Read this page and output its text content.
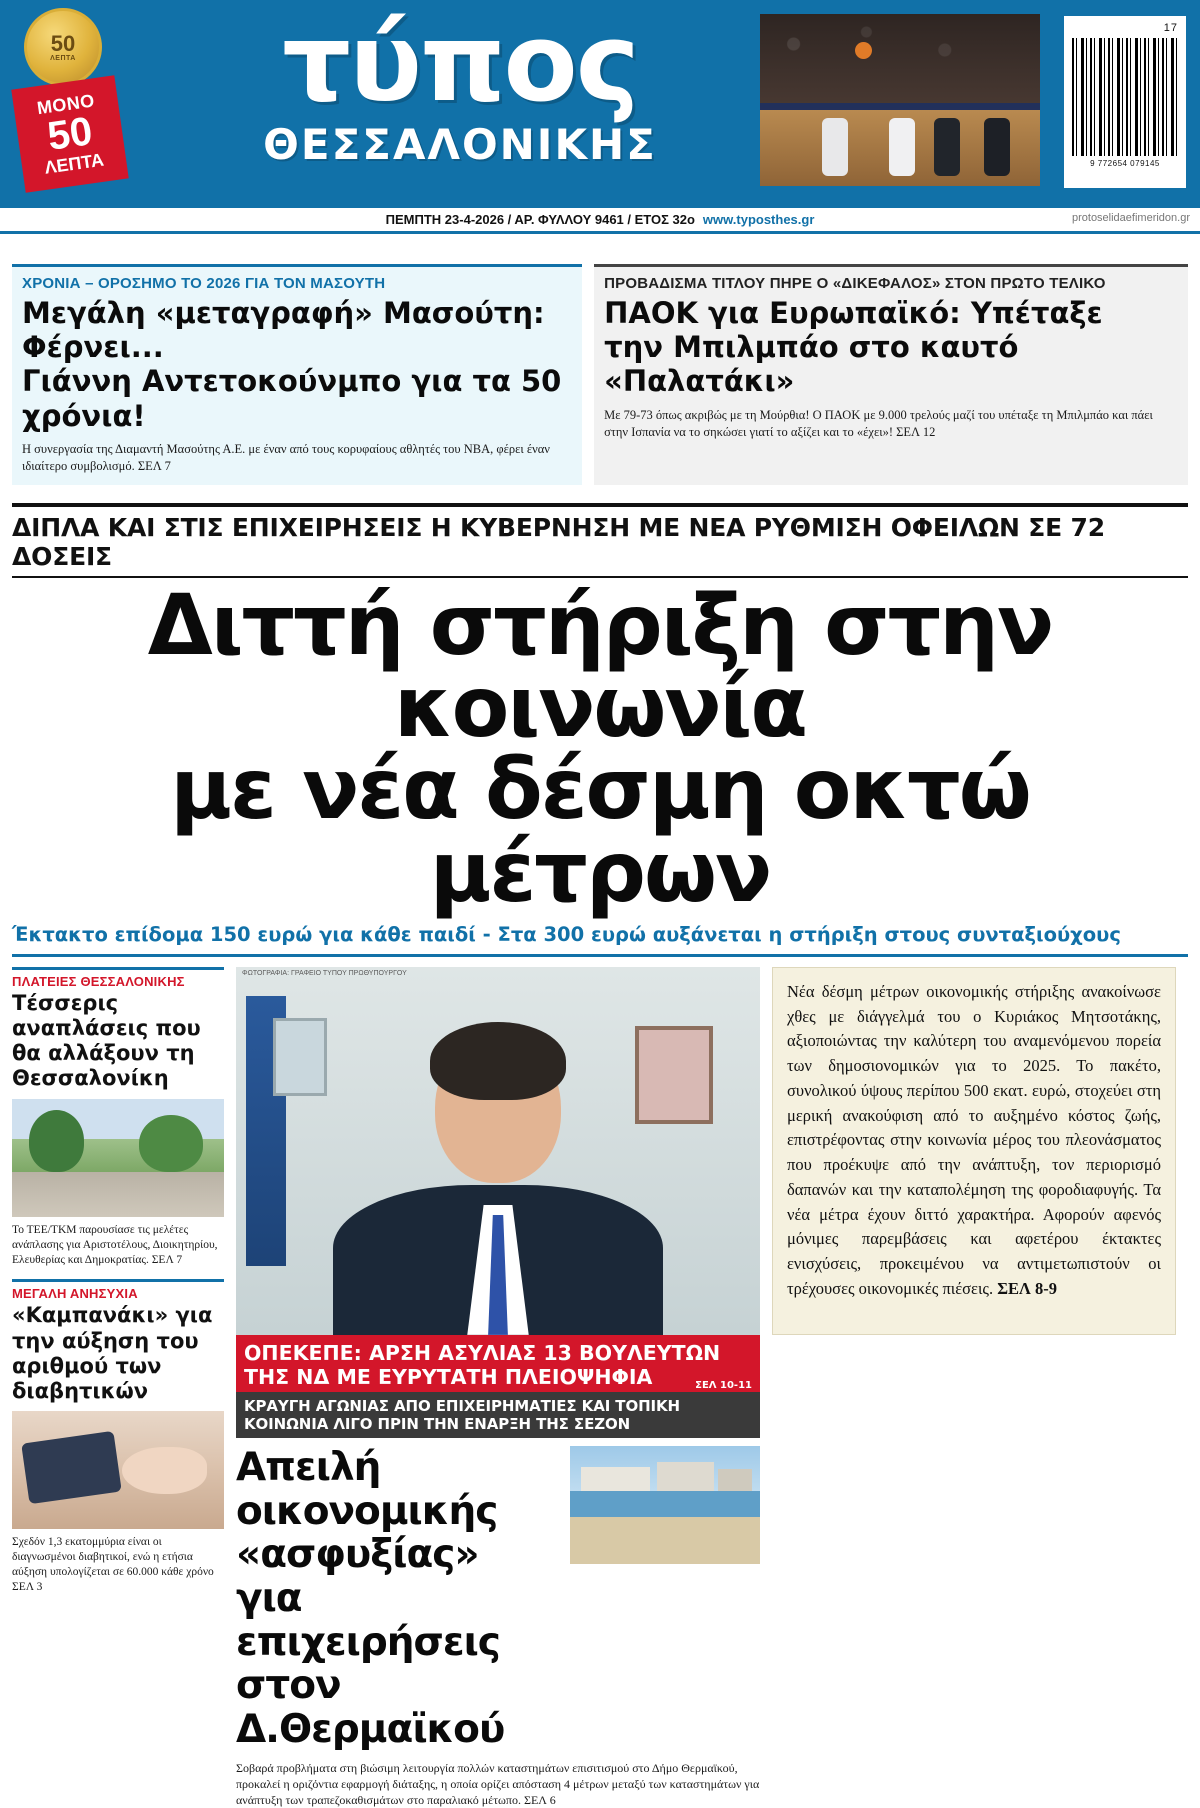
50
ΛΕΠΤΑ
ΜΟΝΟ
50
ΛΕΠΤΑ
τύπος
ΘΕΣΣΑΛΟΝΙΚΗΣ
17
9 772654 079145
ΠΕΜΠΤΗ 23-4-2026 / ΑΡ. ΦΥΛΛΟΥ 9461 / ΕΤΟΣ 32ο www.typosthes.gr	protoselidaefimeridon.gr
ΧΡΟΝΙΑ – ΟΡΟΣΗΜΟ ΤΟ 2026 ΓΙΑ ΤΟΝ ΜΑΣΟΥΤΗ
Μεγάλη «μεταγραφή» Μασούτη: Φέρνει...
Γιάννη Αντετοκούνμπο για τα 50 χρόνια!
Η συνεργασία της Διαμαντή Μασούτης Α.Ε. με έναν από τους κορυφαίους αθλητές του NBA, φέρει έναν ιδιαίτερο συμβολισμό. ΣΕΛ 7
ΠΡΟΒΑΔΙΣΜΑ ΤΙΤΛΟΥ ΠΗΡΕ Ο «ΔΙΚΕΦΑΛΟΣ» ΣΤΟΝ ΠΡΩΤΟ ΤΕΛΙΚΟ
ΠΑΟΚ για Ευρωπαϊκό: Υπέταξε
την Μπιλμπάο στο καυτό «Παλατάκι»
Με 79-73 όπως ακριβώς με τη Μούρθια! Ο ΠΑΟΚ με 9.000 τρελούς μαζί του υπέταξε τη Μπιλμπάο και πάει στην Ισπανία να το σηκώσει γιατί το αξίζει και το «έχει»! ΣΕΛ 12
ΔΙΠΛΑ ΚΑΙ ΣΤΙΣ ΕΠΙΧΕΙΡΗΣΕΙΣ Η ΚΥΒΕΡΝΗΣΗ ΜΕ ΝΕΑ ΡΥΘΜΙΣΗ ΟΦΕΙΛΩΝ ΣΕ 72 ΔΟΣΕΙΣ
Διττή στήριξη στην κοινωνία
με νέα δέσμη οκτώ μέτρων
Έκτακτο επίδομα 150 ευρώ για κάθε παιδί - Στα 300 ευρώ αυξάνεται η στήριξη στους συνταξιούχους
ΠΛΑΤΕΙΕΣ ΘΕΣΣΑΛΟΝΙΚΗΣ
Τέσσερις αναπλάσεις που θα αλλάξουν τη Θεσσαλονίκη
Το ΤΕΕ/ΤΚΜ παρουσίασε τις μελέτες ανάπλασης για Αριστοτέλους, Διοικητηρίου, Ελευθερίας και Δημοκρατίας. ΣΕΛ 7
ΜΕΓΑΛΗ ΑΝΗΣΥΧΙΑ
«Καμπανάκι» για την αύξηση του αριθμού των διαβητικών
Σχεδόν 1,3 εκατομμύρια είναι οι διαγνωσμένοι διαβητικοί, ενώ η ετήσια αύξηση υπολογίζεται σε 60.000 κάθε χρόνο ΣΕΛ 3
ΦΩΤΟΓΡΑΦΙΑ: ΓΡΑΦΕΙΟ ΤΥΠΟΥ ΠΡΩΘΥΠΟΥΡΓΟΥ
ΟΠΕΚΕΠΕ: ΑΡΣΗ ΑΣΥΛΙΑΣ 13 ΒΟΥΛΕΥΤΩΝ ΤΗΣ ΝΔ ΜΕ ΕΥΡΥΤΑΤΗ ΠΛΕΙΟΨΗΦΙΑ	ΣΕΛ 10-11
ΚΡΑΥΓΗ ΑΓΩΝΙΑΣ ΑΠΟ ΕΠΙΧΕΙΡΗΜΑΤΙΕΣ ΚΑΙ ΤΟΠΙΚΗ ΚΟΙΝΩΝΙΑ ΛΙΓΟ ΠΡΙΝ ΤΗΝ ΕΝΑΡΞΗ ΤΗΣ ΣΕΖΟΝ
Απειλή οικονομικής «ασφυξίας»
για επιχειρήσεις στον Δ.Θερμαϊκού
Σοβαρά προβλήματα στη βιώσιμη λειτουργία πολλών καταστημάτων επισιτισμού στο Δήμο Θερμαϊκού, προκαλεί η οριζόντια εφαρμογή διάταξης, η οποία ορίζει απόσταση 4 μέτρων μεταξύ των καταστημάτων για ανάπτυξη των τραπεζοκαθισμάτων στο παραλιακό μέτωπο. ΣΕΛ 6
Νέα δέσμη μέτρων οικονομικής στήριξης ανακοίνωσε χθες με διάγγελμά του ο Κυριάκος Μητσοτάκης, αξιοποιώντας την καλύτερη του αναμενόμενου πορεία των δημοσιονομικών για το 2025. Το πακέτο, συνολικού ύψους περίπου 500 εκατ. ευρώ, στοχεύει στη μερική ανακούφιση από το αυξημένο κόστος ζωής, επιστρέφοντας στην κοινωνία μέρος του πλεονάσματος που προέκυψε από την ανάπτυξη, τον περιορισμό δαπανών και την καταπολέμηση της φοροδιαφυγής. Τα νέα μέτρα έχουν διττό χαρακτήρα. Αφορούν αφενός μόνιμες παρεμβάσεις και αφετέρου έκτακτες ενισχύσεις, προκειμένου να αντιμετωπιστούν οι τρέχουσες οικονομικές πιέσεις. ΣΕΛ 8-9
